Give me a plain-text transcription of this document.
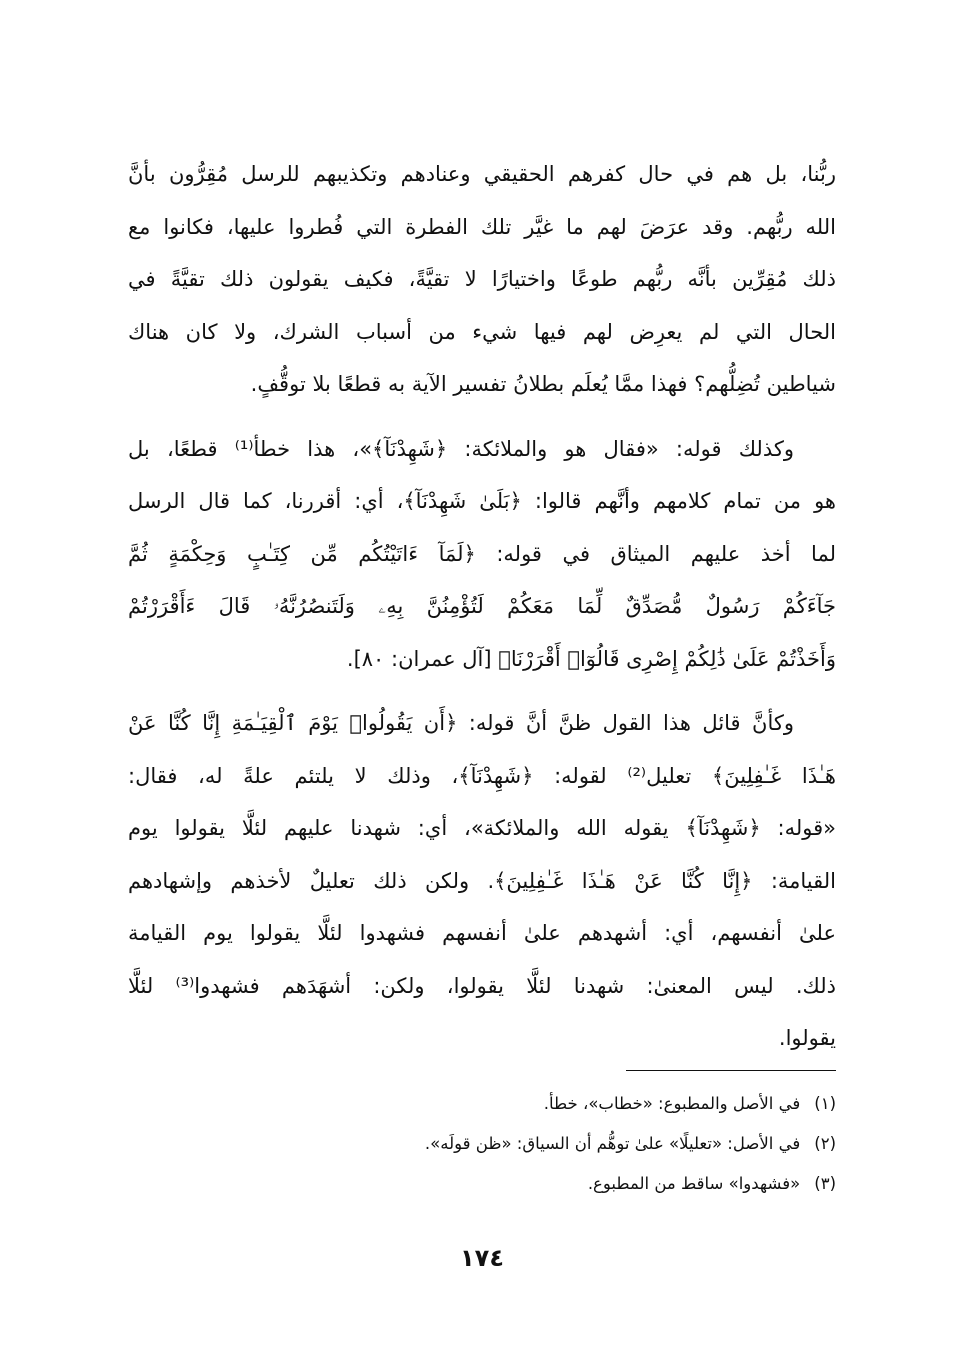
ربُّنا، بل هم في حال كفرهم الحقيقي وعنادهم وتكذيبهم للرسل مُقِرُّون بأنَّ
الله ربُّهم. وقد عرَضَ لهم ما غيَّر تلك الفطرة التي فُطروا عليها، فكانوا مع
ذلك مُقِرِّين بأنَّه ربُّهم طوعًا واختيارًا لا تقيَّةً، فكيف يقولون ذلك تقيَّةً في
الحال التي لم يعرِض لهم فيها شيء من أسباب الشرك، ولا كان هناك
شياطين تُضِلُّهم؟ فهذا ممَّا يُعلَم بطلانُ تفسير الآية به قطعًا بلا توقُّفٍ.
وكذلك قوله: «فقال هو والملائكة: ﴿شَهِدْنَآ﴾»، هذا خطأ⁽¹⁾ قطعًا، بل
هو من تمام كلامهم وأنَّهم قالوا: ﴿بَلَىٰ شَهِدْنَآ﴾، أي: أقررنا، كما قال الرسل
لما أخذ عليهم الميثاق في قوله: ﴿لَمَآ ءَاتَيْتُكُم مِّن كِتَـٰبٍ وَحِكْمَةٍ ثُمَّ
جَآءَكُمْ رَسُولٌ مُّصَدِّقٌ لِّمَا مَعَكُمْ لَتُؤْمِنُنَّ بِهِۦ وَلَتَنصُرُنَّهُۥ قَالَ ءَأَقْرَرْتُمْ
وَأَخَذْتُمْ عَلَىٰ ذَٰلِكُمْ إِصْرِى قَالُوٓا۟ أَقْرَرْنَا﴾ [آل عمران: ٨٠].
وكأنَّ قائل هذا القول ظنَّ أنَّ قوله: ﴿أَن يَقُولُوا۟ يَوْمَ ٱلْقِيَـٰمَةِ إِنَّا كُنَّا عَنْ
هَـٰذَا غَـٰفِلِينَ﴾ تعليل⁽²⁾ لقوله: ﴿شَهِدْنَآ﴾، وذلك لا يلتئم علةً له، فقال:
«قوله: ﴿شَهِدْنَآ﴾ يقوله الله والملائكة»، أي: شهدنا عليهم لئلَّا يقولوا يوم
القيامة: ﴿إِنَّا كُنَّا عَنْ هَـٰذَا غَـٰفِلِينَ﴾. ولكن ذلك تعليلٌ لأخذهم وإشهادهم
علىٰ أنفسهم، أي: أشهدهم علىٰ أنفسهم فشهدوا لئلَّا يقولوا يوم القيامة
ذلك. ليس المعنىٰ: شهدنا لئلَّا يقولوا، ولكن: أشهَدَهم فشهدوا⁽³⁾ لئلَّا
يقولوا.
(١)في الأصل والمطبوع: «خطاب»، خطأ.
(٢)في الأصل: «تعليلًا» علىٰ توهُّم أن السياق: «ظن قولَه».
(٣)«فشهدوا» ساقط من المطبوع.
١٧٤
